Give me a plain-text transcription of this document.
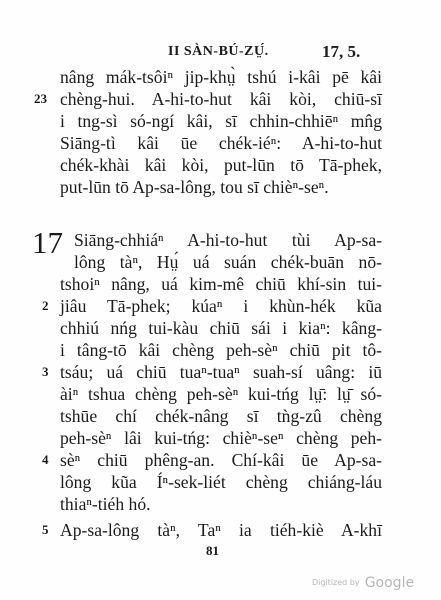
II SÀN-BÚ-ZṲ́.	17, 5.
nâng mák-tsôiⁿ jip-khṳ̀ tshú i-kâi pē kâi
23 chèng-hui. A-hi-to-hut kâi kòi, chiū-sī
i tng-sì só-ngí kâi, sī chhin-chhiēⁿ mn̂g
Siāng-tì kâi ūe chék-iéⁿ: A-hi-to-hut
chék-khài kâi kòi, put-lūn tō Tā-phek,
put-lūn tō Ap-sa-lông, tou sī chièⁿ-seⁿ.
17 Siāng-chhiáⁿ A-hi-to-hut tùi Ap-sa-
lông tàⁿ, Hṳ́ uá suán chék-buān nō-
tshoiⁿ nâng, uá kim-mê chiū khí-sin tui-
2 jiâu Tā-phek; kúaⁿ i khùn-hék kũa
chhiú nńg tui-kàu chiū sái i kiaⁿ: kâng-
i tâng-tō kâi chèng peh-sèⁿ chiū pit tô-
3 tsáu; uá chiū tuaⁿ-tuaⁿ suah-sí uâng: iū
àiⁿ tshua chèng peh-sèⁿ kui-tńg lṳ̄: lṳ̄ só-
tshūe chí chék-nâng sī tǹg-zû chèng
peh-sèⁿ lâi kui-tńg: chièⁿ-seⁿ chèng peh-
4 sèⁿ chiū phêng-an. Chí-kâi ūe Ap-sa-
lông kũa Íⁿ-sek-liét chèng chiáng-láu
thiaⁿ-tiéh hó.
5 Ap-sa-lông tàⁿ, Taⁿ ia tiéh-kiè A-khī
81
Digitized by Google
